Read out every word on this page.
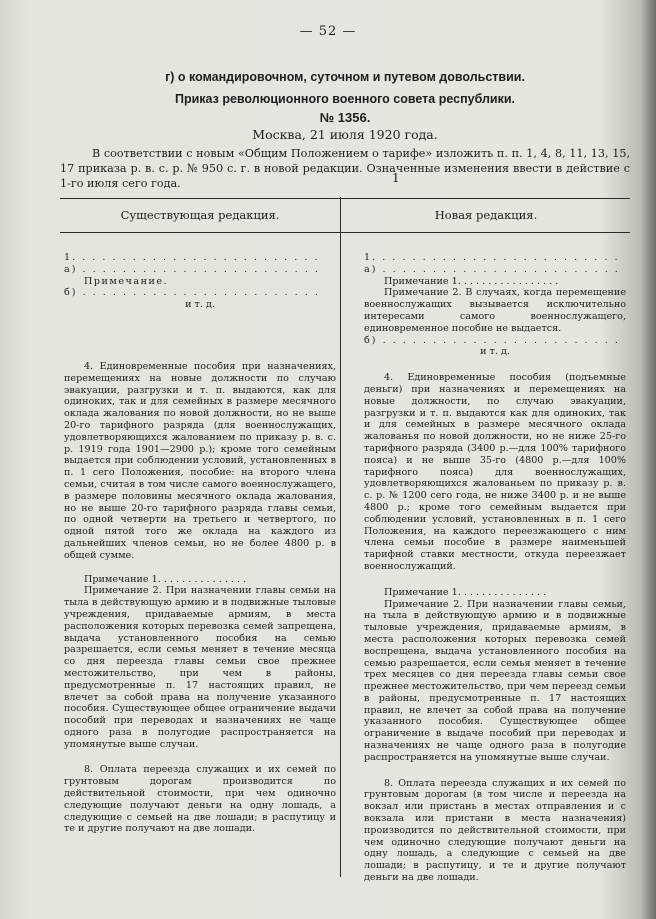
— 52 —
г) о командировочном, суточном и путевом довольствии.
Приказ революционного военного совета республики.
№ 1356.
Москва, 21 июля 1920 года.
В соответствии с новым «Общим Положением о тарифе» изложить п. п. 1, 4, 8, 11, 13, 15, 17 приказа р. в. с. р. № 950 с. г. в новой редакции. Означенные изменения ввести в действие с 1-го июля сего года.	1
Существующая редакция.	Новая редакция.

1. . . . . . . . . . . . . . . . . . . . . . . . .

а) . . . . . . . . . . . . . . . . . . . . . . . .

Примечание.

б) . . . . . . . . . . . . . . . . . . . . . . . .

и т. д.

4. Единовременные пособия при назначениях, перемещениях на новые должности по случаю эвакуации, разгрузки и т. п. выдаются, как для одиноких, так и для семейных в размере месячного оклада жалования по новой должности, но не выше 20-го тарифного разряда (для военнослужащих, удовлетворяющихся жалованием по приказу р. в. с. р. 1919 года 1901—2900 р.); кроме того семейным выдается при соблюдении условий, установленных в п. 1 сего Положения, пособие: на второго члена семьи, считая в том числе самого военнослужащего, в размере половины месячного оклада жалования, но не выше 20-го тарифного разряда главы семьи, по одной четверти на третьего и четвертого, по одной пятой того же оклада на каждого из дальнейших членов семьи, но не более 4800 р. в общей сумме.

Примечание 1. . . . . . . . . . . . . . .

Примечание 2. При назначении главы семьи на тыла в действующую армию и в подвижные тыловые учреждения, придаваемые армиям, в места расположения которых перевозка семей запрещена, выдача установленного пособия на семью разрешается, если семья меняет в течение месяца со дня переезда главы семьи свое прежнее местожительство, при чем в районы, предусмотренные п. 17 настоящих правил, не влечет за собой права на получение указанного пособия. Существующее общее ограничение выдачи пособий при переводах и назначениях не чаще одного раза в полугодие распространяется на упомянутые выше случаи.

8. Оплата переезда служащих и их семей по грунтовым дорогам производится по действительной стоимости, при чем одиночно следующие получают деньги на одну лошадь, а следующие с семьей на две лошади; в распутицу и те и другие получают на две лошади.

1. . . . . . . . . . . . . . . . . . . . . . . . .

а) . . . . . . . . . . . . . . . . . . . . . . . .

Примечание 1. . . . . . . . . . . . . . . . .

Примечание 2. В случаях, когда перемещение военнослужащих вызывается исключительно интересами самого военнослужащего, единовременное пособие не выдается.

б) . . . . . . . . . . . . . . . . . . . . . . . .

и т. д.

4. Единовременные пособия (подъемные деньги) при назначениях и перемещениях на новые должности, по случаю эвакуации, разгрузки и т. п. выдаются как для одиноких, так и для семейных в размере месячного оклада жалованья по новой должности, но не ниже 25-го тарифного разряда (3400 р.—для 100% тарифного пояса) и не выше 35-го (4800 р.—для 100% тарифного пояса) для военнослужащих, удовлетворяющихся жалованьем по приказу р. в. с. р. № 1200 сего года, не ниже 3400 р. и не выше 4800 р.; кроме того семейным выдается при соблюдении условий, установленных в п. 1 сего Положения, на каждого переезжающего с ним члена семьи пособие в размере наименьшей тарифной ставки местности, откуда переезжает военнослужащий.

Примечание 1. . . . . . . . . . . . . . .

Примечание 2. При назначении главы семьи, на тыла в действующую армию и в подвижные тыловые учреждения, придаваемые армиям, в места расположения которых перевозка семей воспрещена, выдача установленного пособия на семью разрешается, если семья меняет в течение трех месяцев со дня переезда главы семьи свое прежнее местожительство, при чем переезд семьи в районы, предусмотренные п. 17 настоящих правил, не влечет за собой права на получение указанного пособия. Существующее общее ограничение в выдаче пособий при переводах и назначениях не чаще одного раза в полугодие распространяется на упомянутые выше случаи.

8. Оплата переезда служащих и их семей по грунтовым дорогам (в том числе и переезда на вокзал или пристань в местах отправления и с вокзала или пристани в места назначения) производится по действительной стоимости, при чем одиночно следующие получают деньги на одну лошадь, а следующие с семьей на две лошади; в распутицу, и те и другие получают деньги на две лошади.
